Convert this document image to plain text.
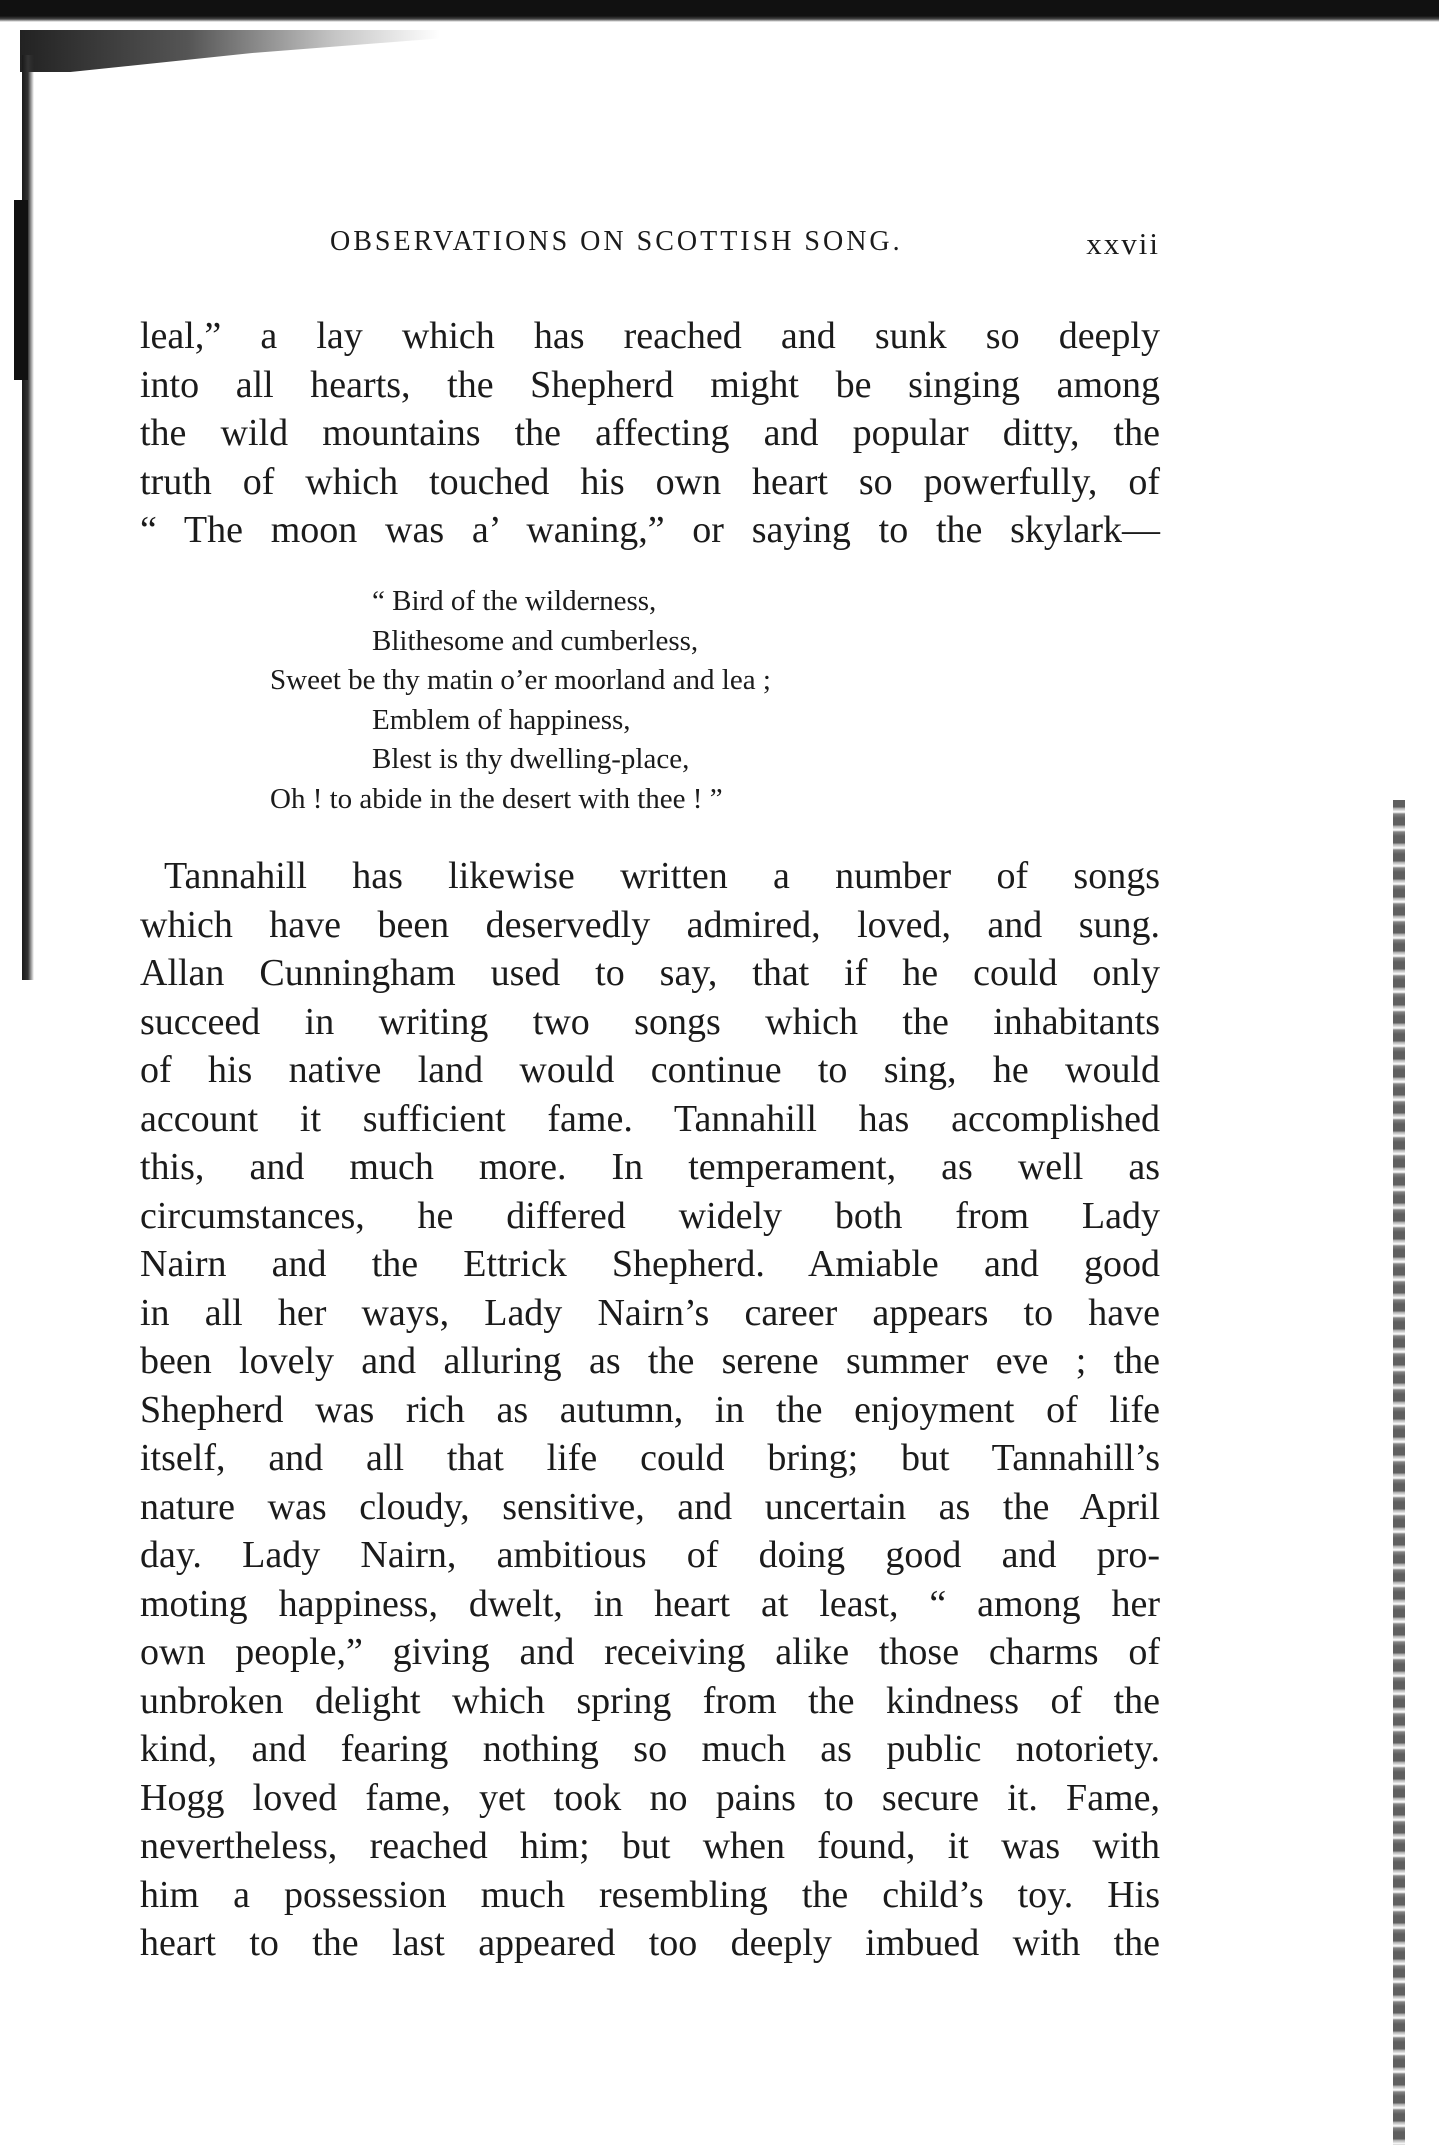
OBSERVATIONS ON SCOTTISH SONG.	xxvii
leal,” a lay which has reached and sunk so deeply
into all hearts, the Shepherd might be singing among
the wild mountains the affecting and popular ditty, the
truth of which touched his own heart so powerfully, of
“ The moon was a’ waning,” or saying to the skylark—
“ Bird of the wilderness,
Blithesome and cumberless,
Sweet be thy matin o’er moorland and lea ;
Emblem of happiness,
Blest is thy dwelling-place,
Oh ! to abide in the desert with thee ! ”
Tannahill has likewise written a number of songs
which have been deservedly admired, loved, and sung.
Allan Cunningham used to say, that if he could only
succeed in writing two songs which the inhabitants
of his native land would continue to sing, he would
account it sufficient fame. Tannahill has accomplished
this, and much more. In temperament, as well as
circumstances, he differed widely both from Lady
Nairn and the Ettrick Shepherd. Amiable and good
in all her ways, Lady Nairn’s career appears to have
been lovely and alluring as the serene summer eve ; the
Shepherd was rich as autumn, in the enjoyment of life
itself, and all that life could bring; but Tannahill’s
nature was cloudy, sensitive, and uncertain as the April
day. Lady Nairn, ambitious of doing good and pro-
moting happiness, dwelt, in heart at least, “ among her
own people,” giving and receiving alike those charms of
unbroken delight which spring from the kindness of the
kind, and fearing nothing so much as public notoriety.
Hogg loved fame, yet took no pains to secure it. Fame,
nevertheless, reached him; but when found, it was with
him a possession much resembling the child’s toy. His
heart to the last appeared too deeply imbued with the
